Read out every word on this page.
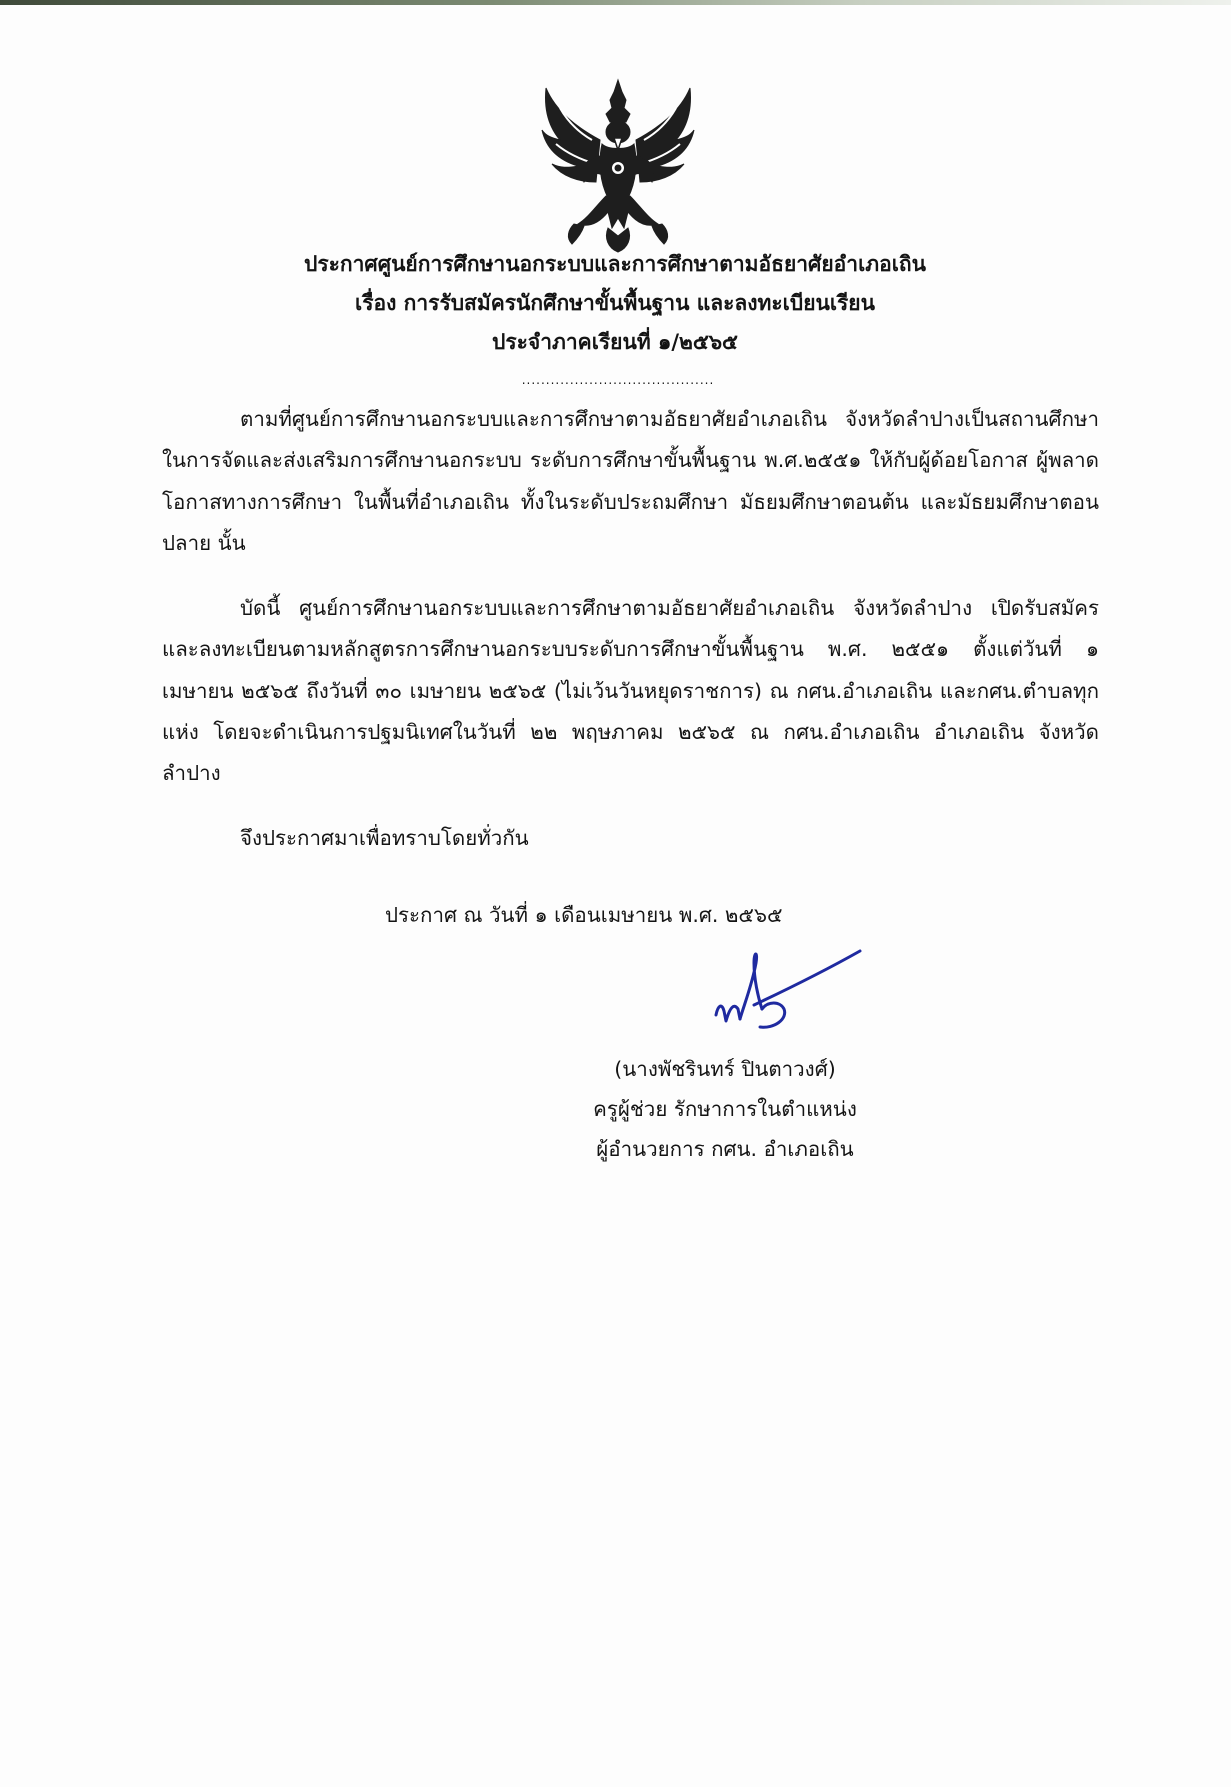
ประกาศศูนย์การศึกษานอกระบบและการศึกษาตามอัธยาศัยอำเภอเถิน
เรื่อง การรับสมัครนักศึกษาขั้นพื้นฐาน และลงทะเบียนเรียน
ประจำภาคเรียนที่ ๑/๒๕๖๕
........................................
ตามที่ศูนย์การศึกษานอกระบบและการศึกษาตามอัธยาศัยอำเภอเถิน จังหวัดลำปางเป็นสถานศึกษา
ในการจัดและส่งเสริมการศึกษานอกระบบ ระดับการศึกษาขั้นพื้นฐาน พ.ศ.๒๕๕๑ ให้กับผู้ด้อยโอกาส ผู้พลาด
โอกาสทางการศึกษา ในพื้นที่อำเภอเถิน ทั้งในระดับประถมศึกษา มัธยมศึกษาตอนต้น และมัธยมศึกษาตอน
ปลาย นั้น
บัดนี้ ศูนย์การศึกษานอกระบบและการศึกษาตามอัธยาศัยอำเภอเถิน จังหวัดลำปาง เปิดรับสมัคร
และลงทะเบียนตามหลักสูตรการศึกษานอกระบบระดับการศึกษาขั้นพื้นฐาน พ.ศ. ๒๕๕๑ ตั้งแต่วันที่ ๑
เมษายน ๒๕๖๕ ถึงวันที่ ๓๐ เมษายน ๒๕๖๕ (ไม่เว้นวันหยุดราชการ) ณ กศน.อำเภอเถิน และกศน.ตำบลทุก
แห่ง โดยจะดำเนินการปฐมนิเทศในวันที่ ๒๒ พฤษภาคม ๒๕๖๕ ณ กศน.อำเภอเถิน อำเภอเถิน จังหวัด
ลำปาง
จึงประกาศมาเพื่อทราบโดยทั่วกัน
ประกาศ ณ วันที่ ๑ เดือนเมษายน พ.ศ. ๒๕๖๕
(นางพัชรินทร์ ปินตาวงศ์)
ครูผู้ช่วย รักษาการในตำแหน่ง
ผู้อำนวยการ กศน. อำเภอเถิน
